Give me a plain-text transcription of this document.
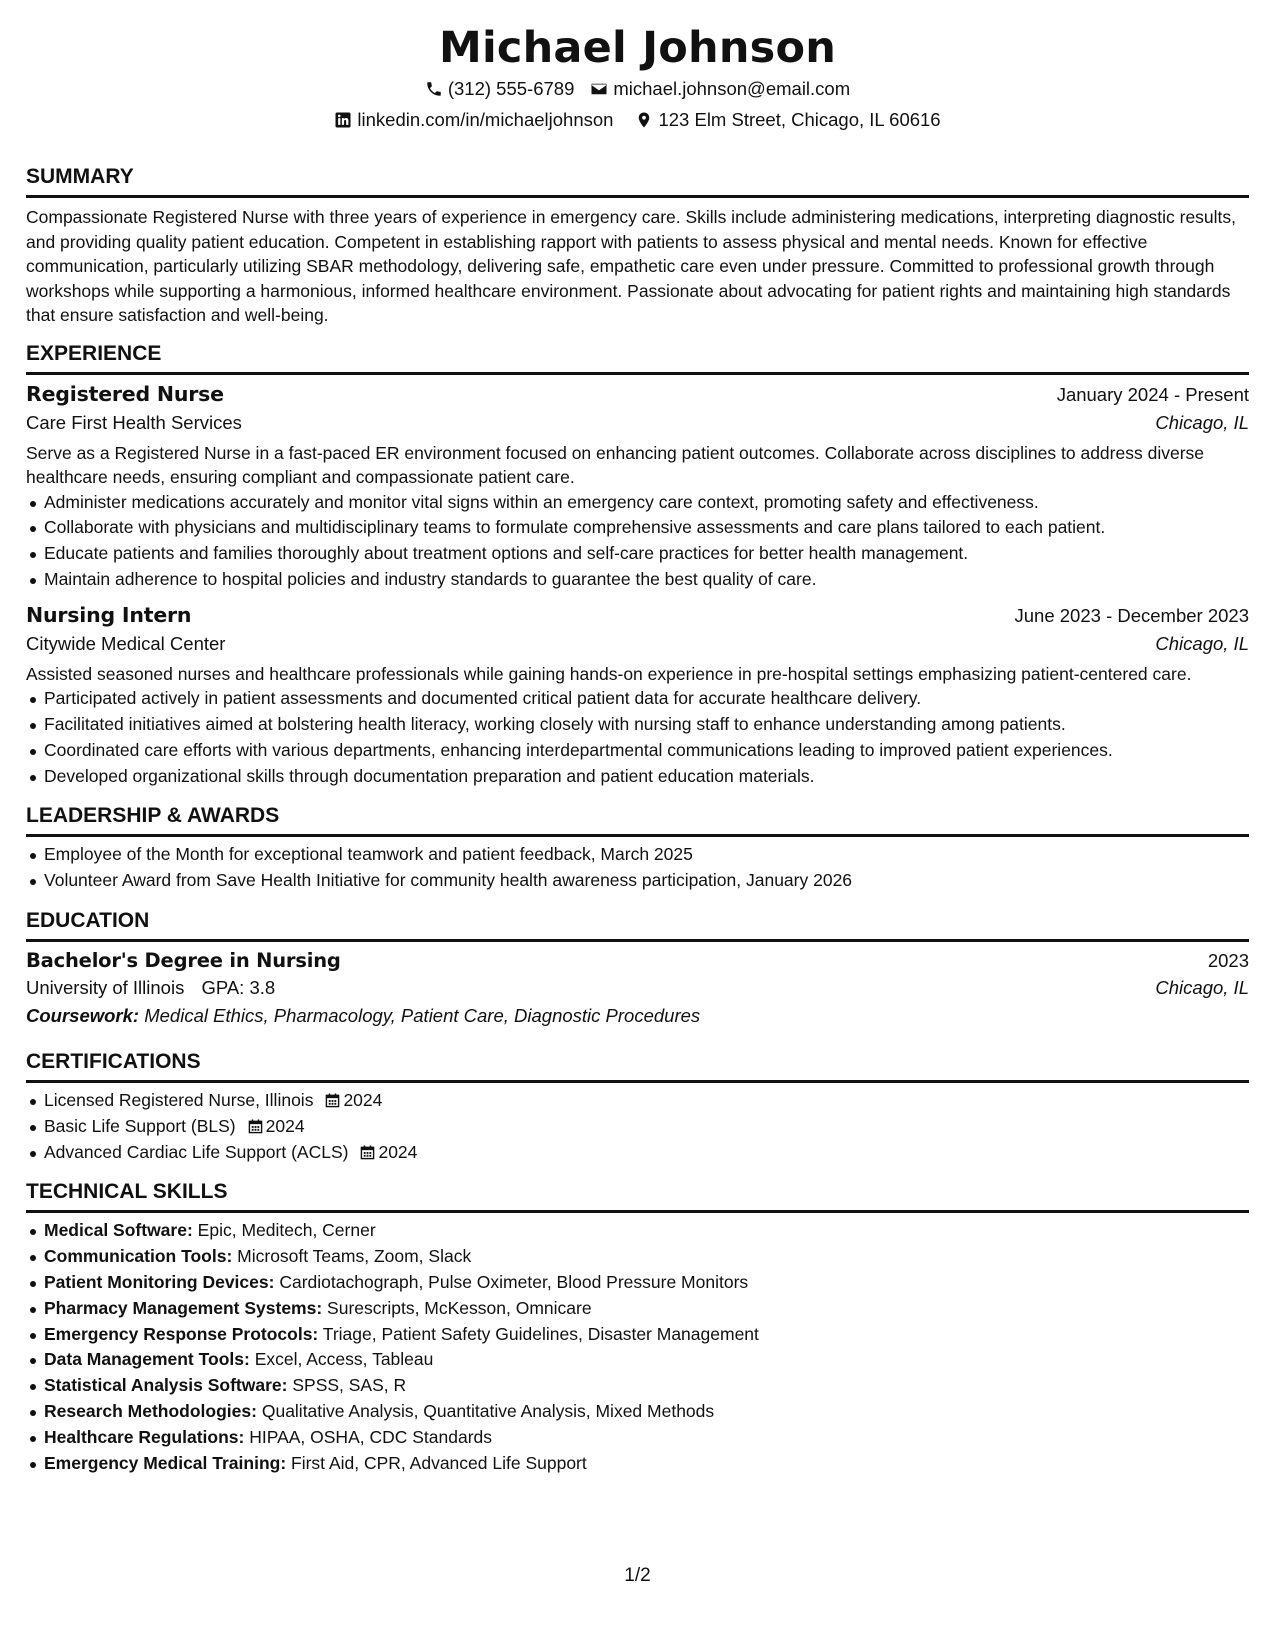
Michael Johnson
(312) 555-6789 michael.johnson@email.com
linkedin.com/in/michaeljohnson 123 Elm Street, Chicago, IL 60616
SUMMARY

Compassionate Registered Nurse with three years of experience in emergency care. Skills include administering medications, interpreting diagnostic results, and providing quality patient education. Competent in establishing rapport with patients to assess physical and mental needs. Known for effective communication, particularly utilizing SBAR methodology, delivering safe, empathetic care even under pressure. Committed to professional growth through workshops while supporting a harmonious, informed healthcare environment. Passionate about advocating for patient rights and maintaining high standards that ensure satisfaction and well-being.

EXPERIENCE
Registered Nurse	January 2024 - Present
Care First Health Services	Chicago, IL

Serve as a Registered Nurse in a fast-paced ER environment focused on enhancing patient outcomes. Collaborate across disciplines to address diverse healthcare needs, ensuring compliant and compassionate patient care.

Administer medications accurately and monitor vital signs within an emergency care context, promoting safety and effectiveness.
Collaborate with physicians and multidisciplinary teams to formulate comprehensive assessments and care plans tailored to each patient.
Educate patients and families thoroughly about treatment options and self-care practices for better health management.
Maintain adherence to hospital policies and industry standards to guarantee the best quality of care.
Nursing Intern	June 2023 - December 2023
Citywide Medical Center	Chicago, IL

Assisted seasoned nurses and healthcare professionals while gaining hands-on experience in pre-hospital settings emphasizing patient-centered care.

Participated actively in patient assessments and documented critical patient data for accurate healthcare delivery.
Facilitated initiatives aimed at bolstering health literacy, working closely with nursing staff to enhance understanding among patients.
Coordinated care efforts with various departments, enhancing interdepartmental communications leading to improved patient experiences.
Developed organizational skills through documentation preparation and patient education materials.
LEADERSHIP & AWARDS
Employee of the Month for exceptional teamwork and patient feedback, March 2025
Volunteer Award from Save Health Initiative for community health awareness participation, January 2026
EDUCATION
Bachelor's Degree in Nursing	2023
University of Illinois GPA: 3.8	Chicago, IL
Coursework: Medical Ethics, Pharmacology, Patient Care, Diagnostic Procedures
CERTIFICATIONS
Licensed Registered Nurse, Illinois 2024
Basic Life Support (BLS) 2024
Advanced Cardiac Life Support (ACLS) 2024
TECHNICAL SKILLS
Medical Software: Epic, Meditech, Cerner
Communication Tools: Microsoft Teams, Zoom, Slack
Patient Monitoring Devices: Cardiotachograph, Pulse Oximeter, Blood Pressure Monitors
Pharmacy Management Systems: Surescripts, McKesson, Omnicare
Emergency Response Protocols: Triage, Patient Safety Guidelines, Disaster Management
Data Management Tools: Excel, Access, Tableau
Statistical Analysis Software: SPSS, SAS, R
Research Methodologies: Qualitative Analysis, Quantitative Analysis, Mixed Methods
Healthcare Regulations: HIPAA, OSHA, CDC Standards
Emergency Medical Training: First Aid, CPR, Advanced Life Support
1/2
